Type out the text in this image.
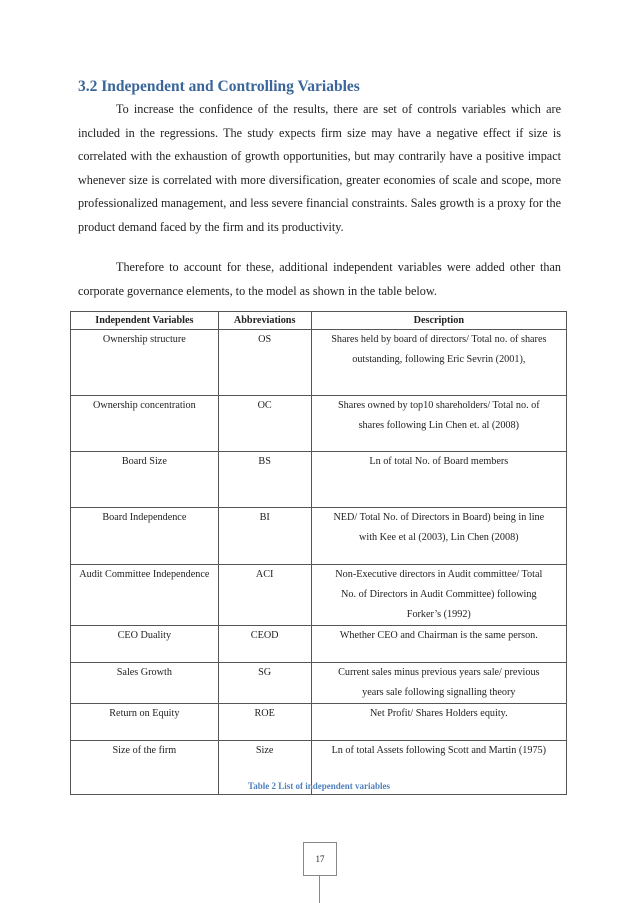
3.2 Independent and Controlling Variables

To increase the confidence of the results, there are set of controls variables which are included in the regressions. The study expects firm size may have a negative effect if size is correlated with the exhaustion of growth opportunities, but may contrarily have a positive impact whenever size is correlated with more diversification, greater economies of scale and scope, more professionalized management, and less severe financial constraints. Sales growth is a proxy for the product demand faced by the firm and its productivity.

Therefore to account for these, additional independent variables were added other than corporate governance elements, to the model as shown in the table below.

Independent Variables	Abbreviations	Description
Ownership structure	OS	Shares held by board of directors/ Total no. of shares outstanding, following Eric Sevrin (2001),
Ownership concentration	OC	Shares owned by top10 shareholders/ Total no. of shares following Lin Chen et. al (2008)
Board Size	BS	Ln of total No. of Board members
Board Independence	BI	NED/ Total No. of Directors in Board) being in line with Kee et al (2003), Lin Chen (2008)
Audit Committee Independence	ACI	Non-Executive directors in Audit committee/ Total No. of Directors in Audit Committee) following Forker’s (1992)
CEO Duality	CEOD	Whether CEO and Chairman is the same person.
Sales Growth	SG	Current sales minus previous years sale/ previous years sale following signalling theory
Return on Equity	ROE	Net Profit/ Shares Holders equity.
Size of the firm	Size	Ln of total Assets following Scott and Martin (1975)
Table 2 List of independent variables
17
